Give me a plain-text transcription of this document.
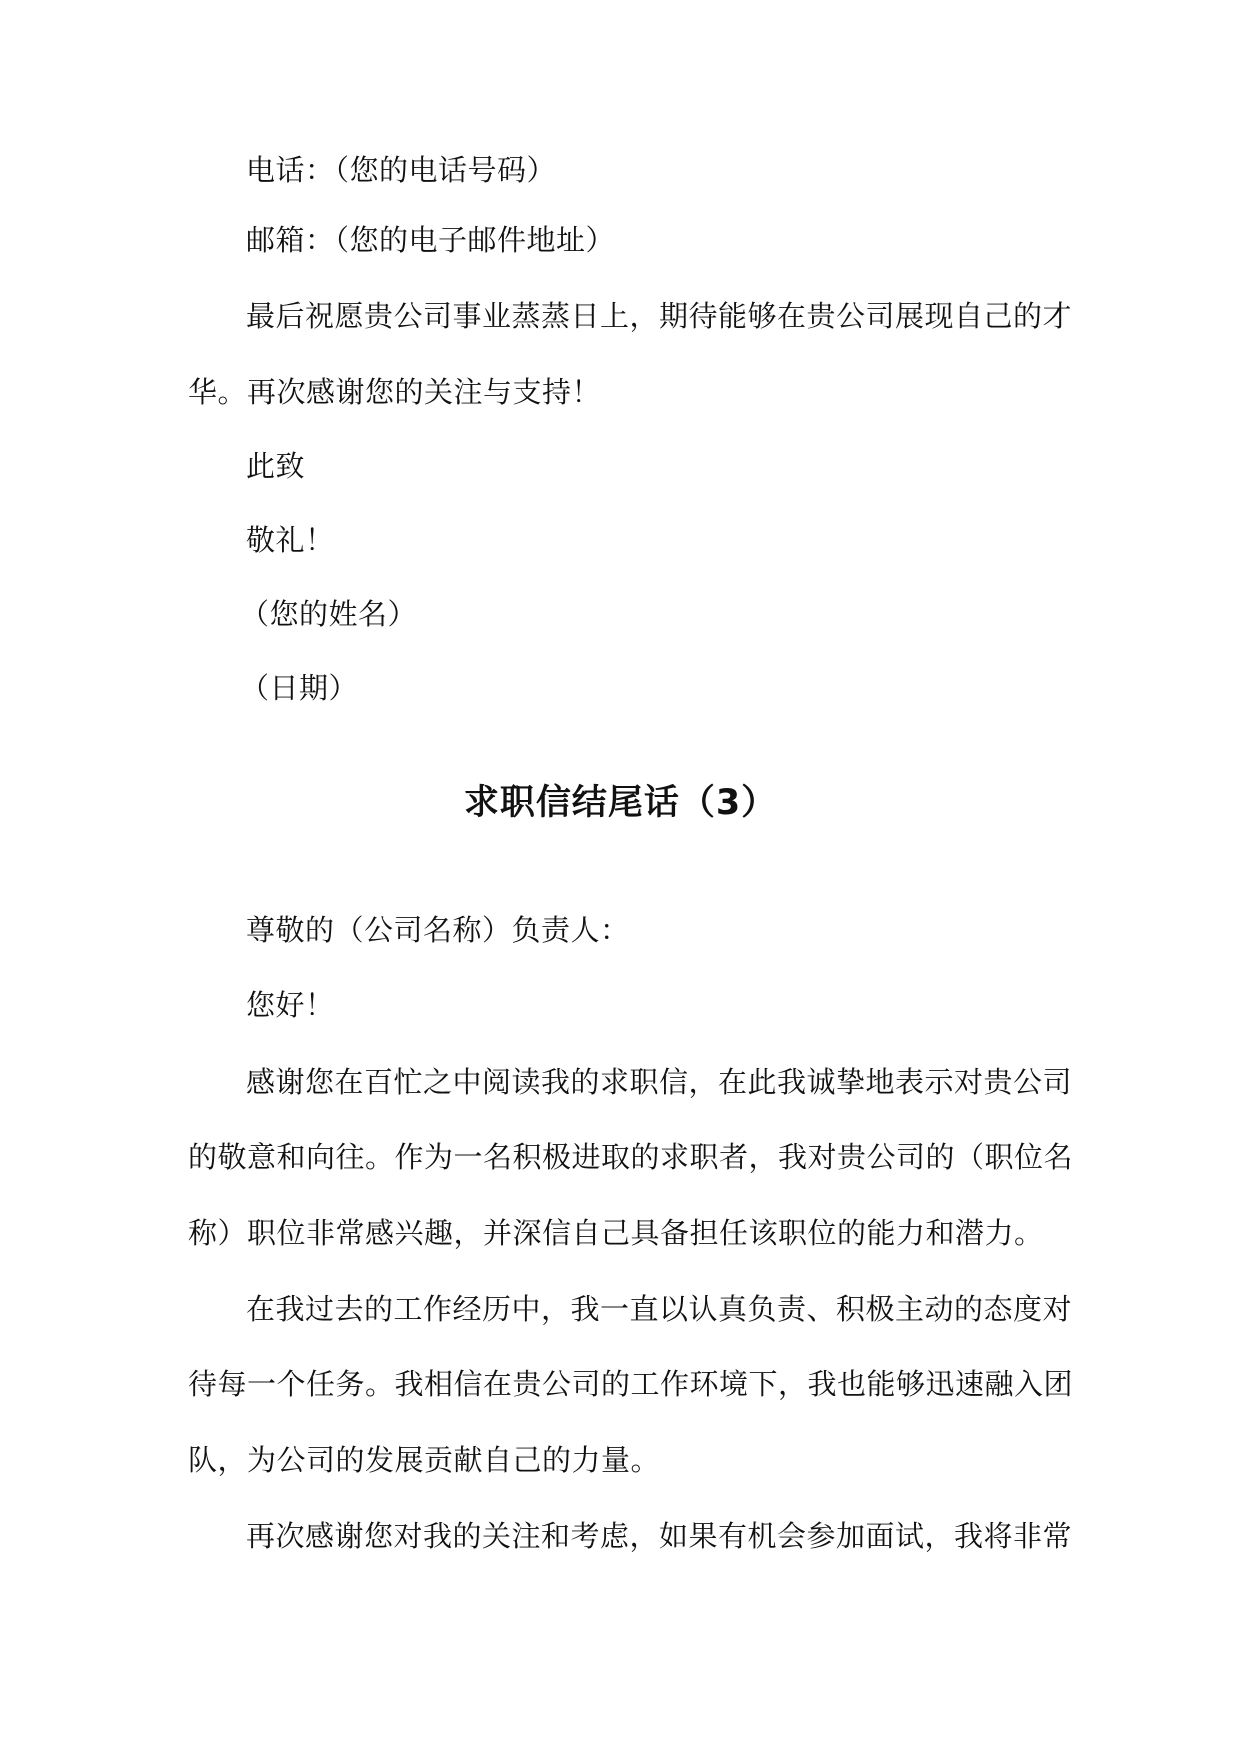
电话：（您的电话号码）
邮箱：（您的电子邮件地址）
最后祝愿贵公司事业蒸蒸日上，期待能够在贵公司展现自己的才
华。再次感谢您的关注与支持！
此致
敬礼！
（您的姓名）
（日期）
求职信结尾话（3）
尊敬的（公司名称）负责人：
您好！
感谢您在百忙之中阅读我的求职信，在此我诚挚地表示对贵公司
的敬意和向往。作为一名积极进取的求职者，我对贵公司的（职位名
称）职位非常感兴趣，并深信自己具备担任该职位的能力和潜力。
在我过去的工作经历中，我一直以认真负责、积极主动的态度对
待每一个任务。我相信在贵公司的工作环境下，我也能够迅速融入团
队，为公司的发展贡献自己的力量。
再次感谢您对我的关注和考虑，如果有机会参加面试，我将非常
